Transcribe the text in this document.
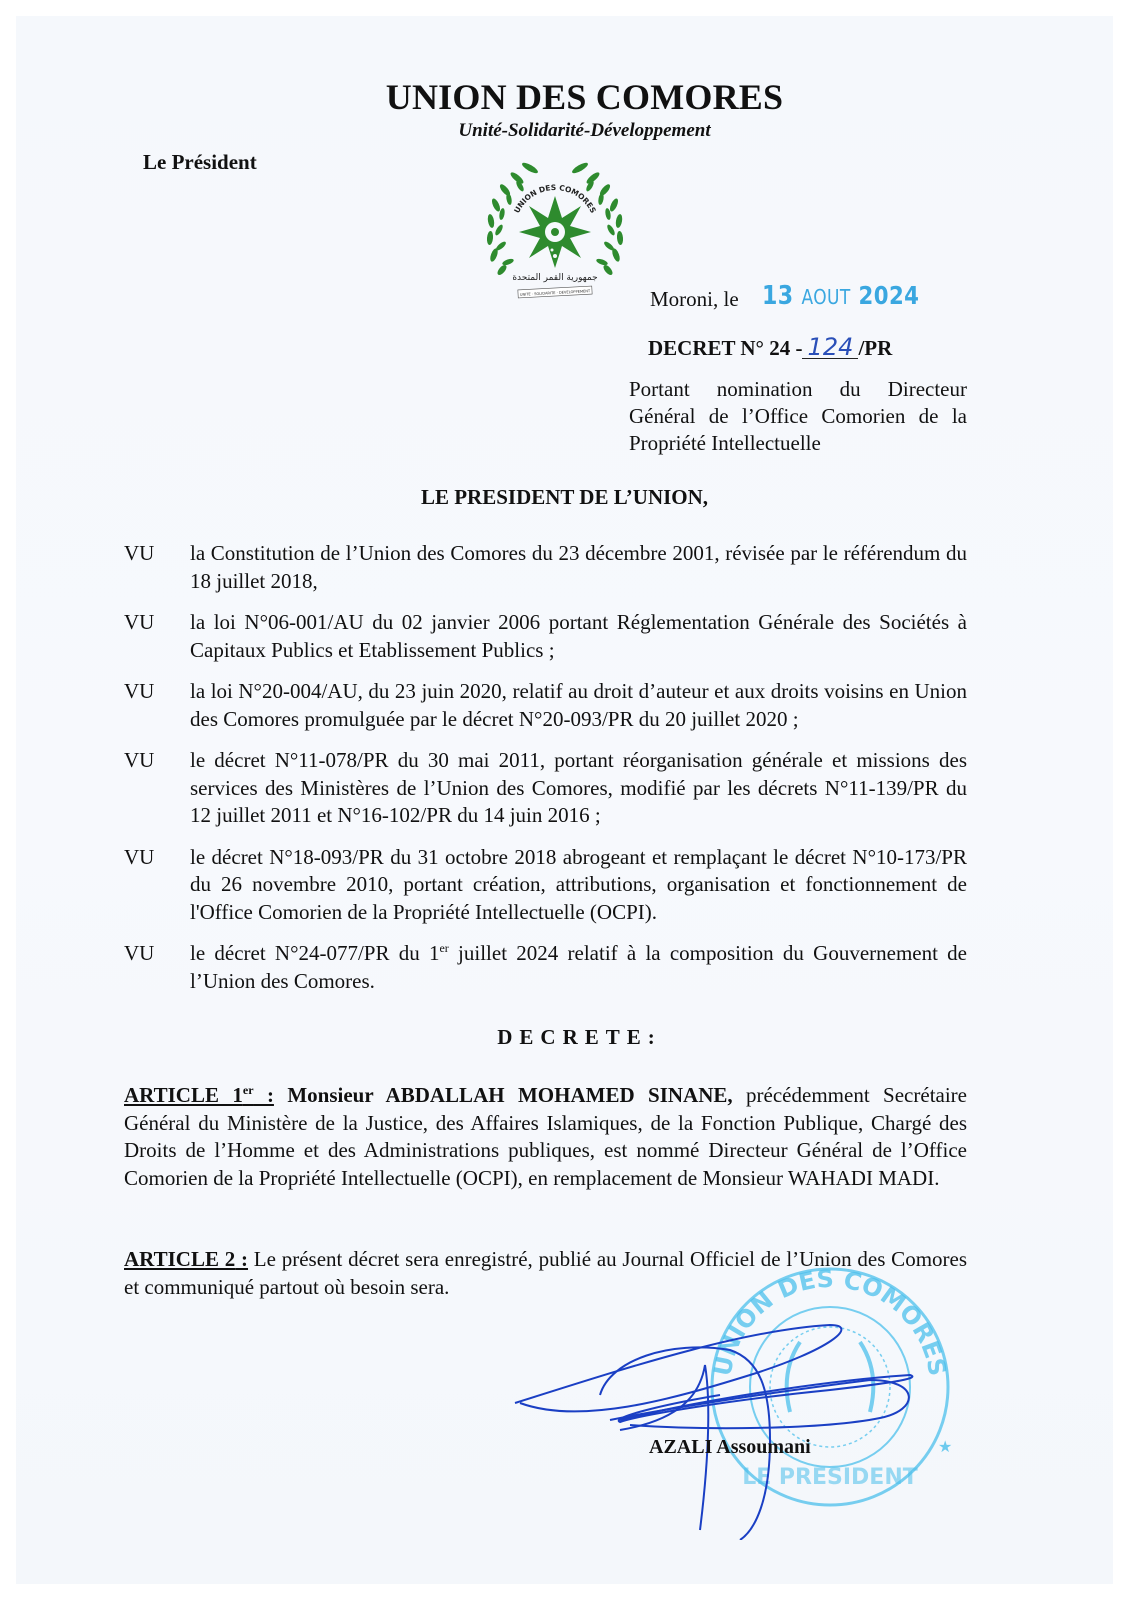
UNION DES COMORES
Unité-Solidarité-Développement
Le Président
UNION DES COMORES
جمهورية القمر المتحدة
UNITE · SOLIDARITE · DEVELOPPEMENT	Moroni, le 13 AOUT 2024
DECRET N° 24 - 124 /PR
Portant nomination du Directeur Général de l’Office Comorien de la Propriété Intellectuelle
LE PRESIDENT DE L’UNION,
VU	la Constitution de l’Union des Comores du 23 décembre 2001, révisée par le référendum du 18 juillet 2018,
VU	la loi N°06-001/AU du 02 janvier 2006 portant Réglementation Générale des Sociétés à Capitaux Publics et Etablissement Publics ;
VU	la loi N°20-004/AU, du 23 juin 2020, relatif au droit d’auteur et aux droits voisins en Union des Comores promulguée par le décret N°20-093/PR du 20 juillet 2020 ;
VU	le décret N°11-078/PR du 30 mai 2011, portant réorganisation générale et missions des services des Ministères de l’Union des Comores, modifié par les décrets N°11-139/PR du 12 juillet 2011 et N°16-102/PR du 14 juin 2016 ;
VU	le décret N°18-093/PR du 31 octobre 2018 abrogeant et remplaçant le décret N°10-173/PR du 26 novembre 2010, portant création, attributions, organisation et fonctionnement de l'Office Comorien de la Propriété Intellectuelle (OCPI).
VU	le décret N°24-077/PR du 1er juillet 2024 relatif à la composition du Gouvernement de l’Union des Comores.
DECRETE:
ARTICLE 1er : Monsieur ABDALLAH MOHAMED SINANE, précédemment Secrétaire Général du Ministère de la Justice, des Affaires Islamiques, de la Fonction Publique, Chargé des Droits de l’Homme et des Administrations publiques, est nommé Directeur Général de l’Office Comorien de la Propriété Intellectuelle (OCPI), en remplacement de Monsieur WAHADI MADI.
ARTICLE 2 : Le présent décret sera enregistré, publié au Journal Officiel de l’Union des Comores et communiqué partout où besoin sera.
UNION DES COMORES
LE PRESIDENT
★
AZALI Assoumani
